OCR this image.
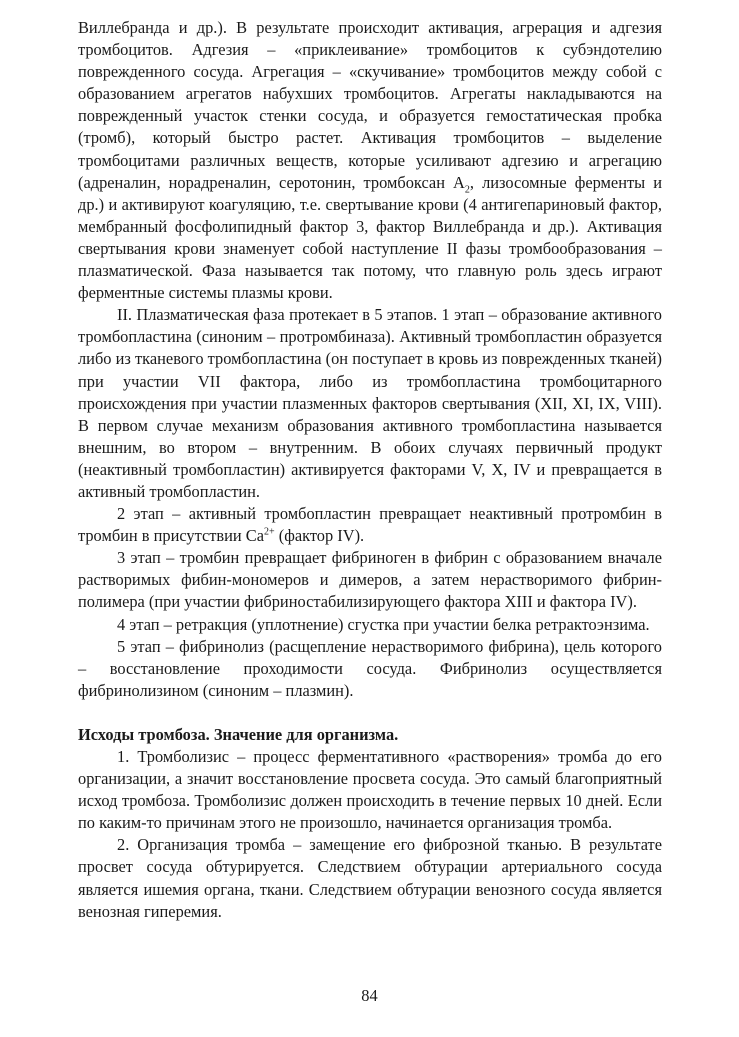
Виллебранда и др.). В результате происходит активация, агрерация и адгезия тромбоцитов. Адгезия – «приклеивание» тромбоцитов к субэндотелию поврежденного сосуда. Агрегация – «скучивание» тромбоцитов между собой с образованием агрегатов набухших тромбоцитов. Агрегаты накладываются на поврежденный участок стенки сосуда, и образуется гемостатическая пробка (тромб), который быстро растет. Активация тромбоцитов – выделение тромбоцитами различных веществ, которые усиливают адгезию и агрегацию (адреналин, норадреналин, серотонин, тромбоксан $А_2$, лизосомные ферменты и др.) и активируют коагуляцию, т.е. свертывание крови (4 антигепариновый фактор, мембранный фосфолипидный фактор 3, фактор Виллебранда и др.). Активация свертывания крови знаменует собой наступление II фазы тромбообразования – плазматической. Фаза называется так потому, что главную роль здесь играют ферментные системы плазмы крови.

II. Плазматическая фаза протекает в 5 этапов. 1 этап – образование активного тромбопластина (синоним – протромбиназа). Активный тромбопластин образуется либо из тканевого тромбопластина (он поступает в кровь из поврежденных тканей) при участии VII фактора, либо из тромбопластина тромбоцитарного происхождения при участии плазменных факторов свертывания (XII, XI, IX, VIII). В первом случае механизм образования активного тромбопластина называется внешним, во втором – внутренним. В обоих случаях первичный продукт (неактивный тромбопластин) активируется факторами V, X, IV и превращается в активный тромбопластин.

2 этап – активный тромбопластин превращает неактивный протромбин в тромбин в присутствии $Са^{2+}$ (фактор IV).

3 этап – тромбин превращает фибриноген в фибрин с образованием вначале растворимых фибин-мономеров и димеров, а затем нерастворимого фибрин-полимера (при участии фибриностабилизирующего фактора XIII и фактора IV).

4 этап – ретракция (уплотнение) сгустка при участии белка ретрактоэнзима.

5 этап – фибринолиз (расщепление нерастворимого фибрина), цель которого – восстановление проходимости сосуда. Фибринолиз осуществляется фибринолизином (синоним – плазмин).

Исходы тромбоза. Значение для организма.

1. Тромболизис – процесс ферментативного «растворения» тромба до его организации, а значит восстановление просвета сосуда. Это самый благоприятный исход тромбоза. Тромболизис должен происходить в течение первых 10 дней. Если по каким-то причинам этого не произошло, начинается организация тромба.

2. Организация тромба – замещение его фиброзной тканью. В результате просвет сосуда обтурируется. Следствием обтурации артериального сосуда является ишемия органа, ткани. Следствием обтурации венозного сосуда является венозная гиперемия.

84
